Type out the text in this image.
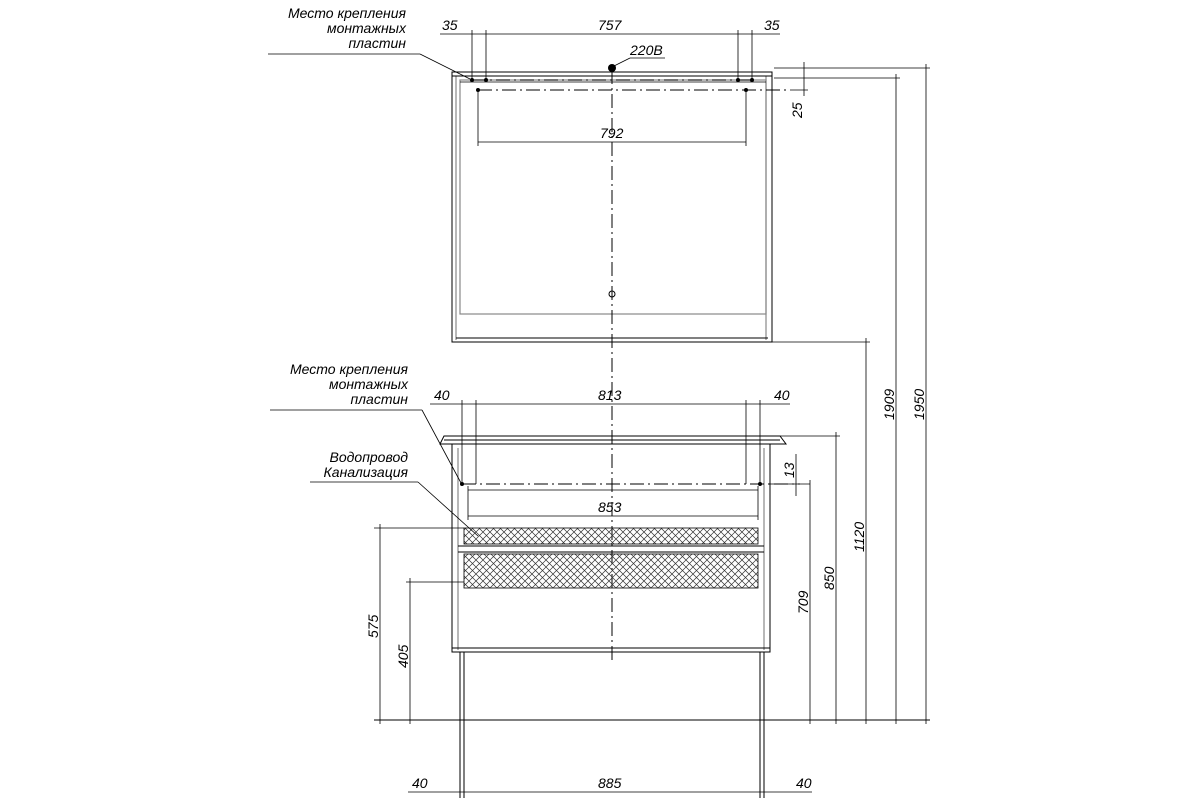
220В
35	757	35
792
25
Место крепления
монтажных
пластин
40	813	40
853
13
Место крепления
монтажных
пластин
Водопровод
Канализация
575
405
709
850
1120
1909 1950
40	885	40
